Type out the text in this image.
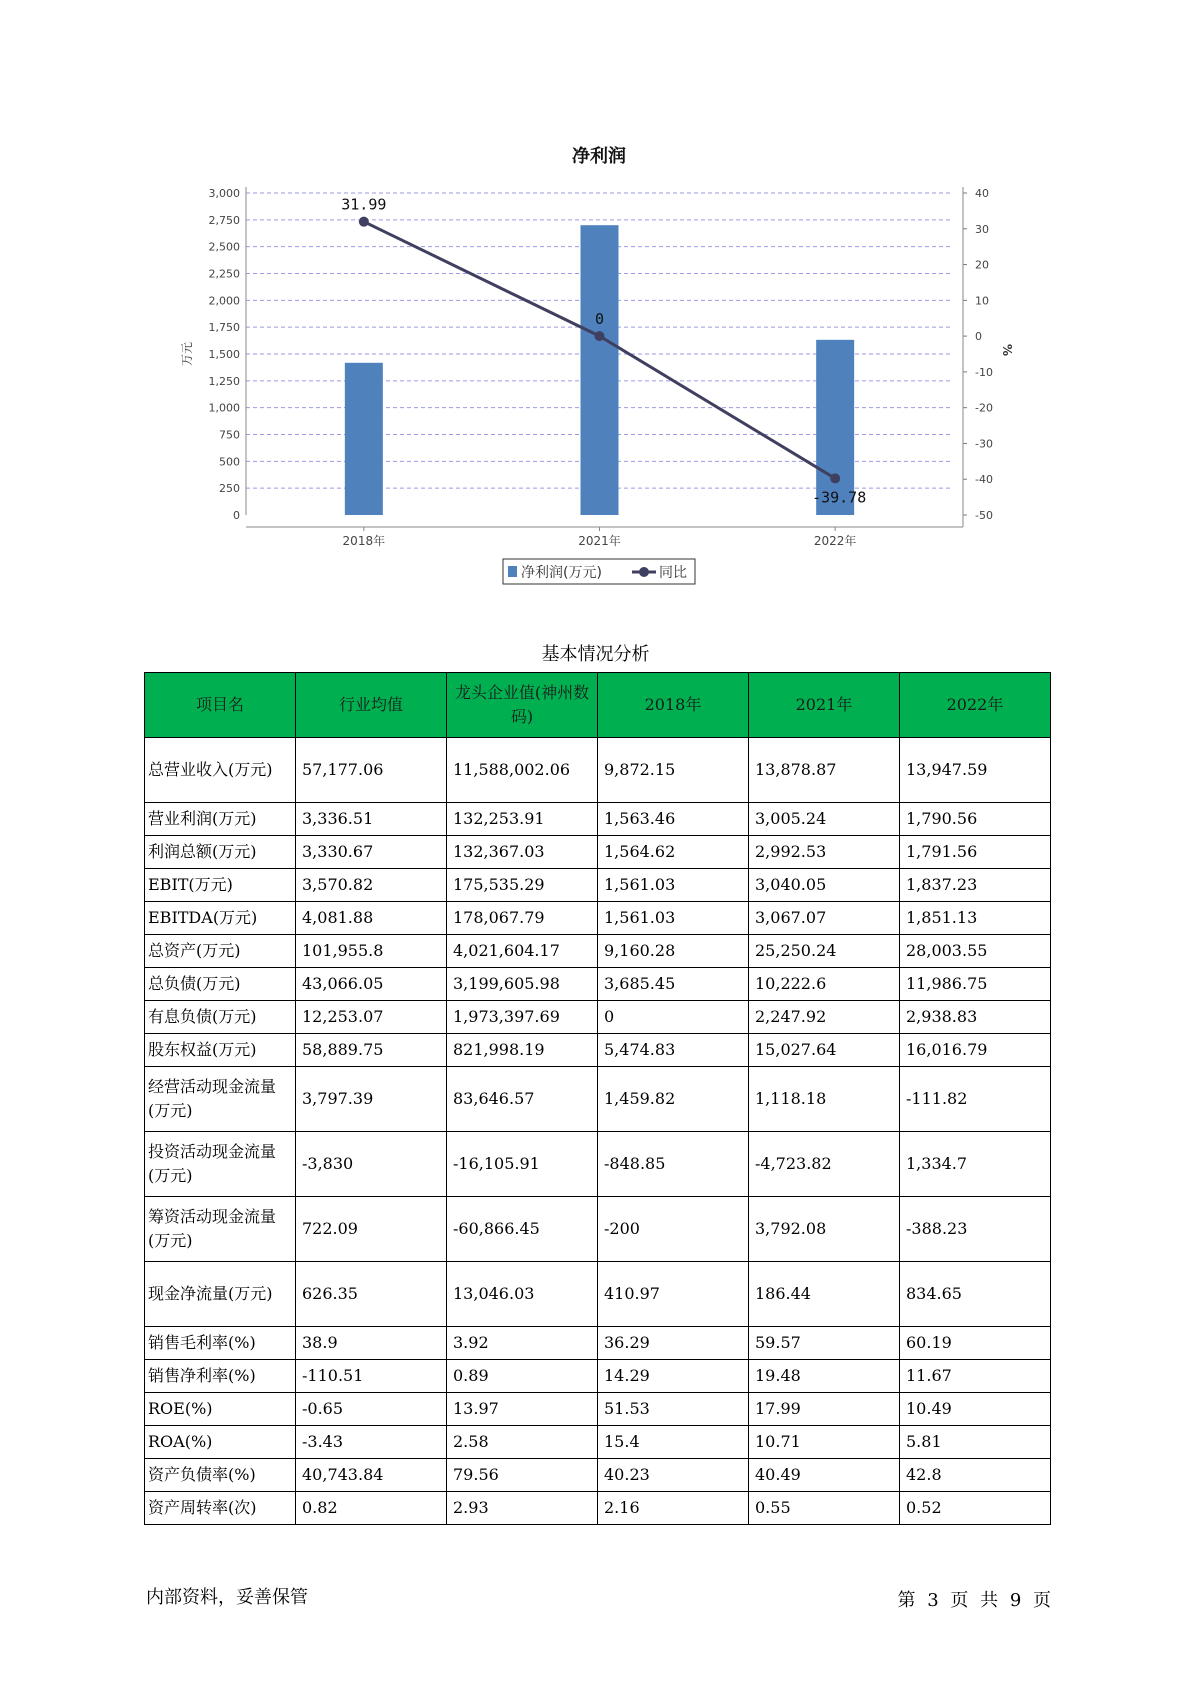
净利润
0
250
500
750
1,000
1,250
1,500
1,750
2,000
2,250
2,500
2,750
3,000
-50
-40
-30
-20
-10
0
10
20
30
40
万元	%
2018年	2021年	2022年
31.99
0
-39.78
净利润(万元)	同比
基本情况分析
项目名	行业均值	龙头企业值(神州数码)	2018年	2021年	2022年
总营业收入(万元)	57,177.06	11,588,002.06	9,872.15	13,878.87	13,947.59
营业利润(万元)	3,336.51	132,253.91	1,563.46	3,005.24	1,790.56
利润总额(万元)	3,330.67	132,367.03	1,564.62	2,992.53	1,791.56
EBIT(万元)	3,570.82	175,535.29	1,561.03	3,040.05	1,837.23
EBITDA(万元)	4,081.88	178,067.79	1,561.03	3,067.07	1,851.13
总资产(万元)	101,955.8	4,021,604.17	9,160.28	25,250.24	28,003.55
总负债(万元)	43,066.05	3,199,605.98	3,685.45	10,222.6	11,986.75
有息负债(万元)	12,253.07	1,973,397.69	0	2,247.92	2,938.83
股东权益(万元)	58,889.75	821,998.19	5,474.83	15,027.64	16,016.79
经营活动现金流量(万元)	3,797.39	83,646.57	1,459.82	1,118.18	-111.82
投资活动现金流量(万元)	-3,830	-16,105.91	-848.85	-4,723.82	1,334.7
筹资活动现金流量(万元)	722.09	-60,866.45	-200	3,792.08	-388.23
现金净流量(万元)	626.35	13,046.03	410.97	186.44	834.65
销售毛利率(%)	38.9	3.92	36.29	59.57	60.19
销售净利率(%)	-110.51	0.89	14.29	19.48	11.67
ROE(%)	-0.65	13.97	51.53	17.99	10.49
ROA(%)	-3.43	2.58	15.4	10.71	5.81
资产负债率(%)	40,743.84	79.56	40.23	40.49	42.8
资产周转率(次)	0.82	2.93	2.16	0.55	0.52
内部资料，妥善保管	第 3 页 共 9 页
